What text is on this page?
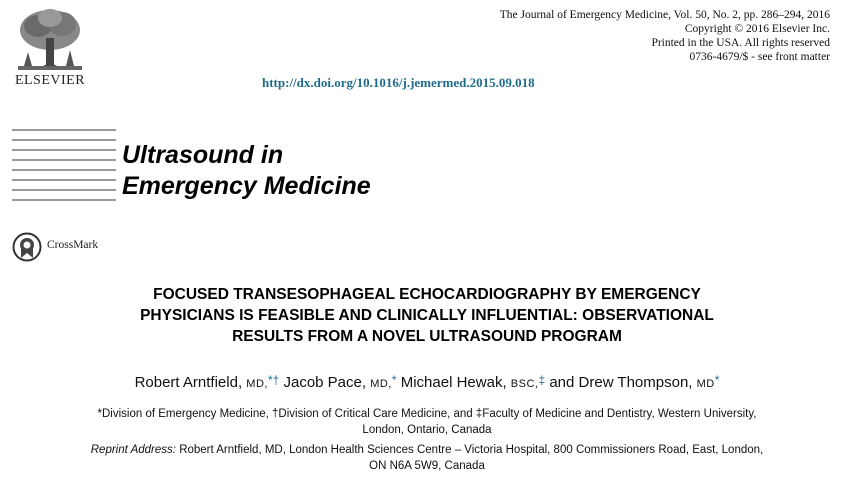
ELSEVIER
The Journal of Emergency Medicine, Vol. 50, No. 2, pp. 286–294, 2016
Copyright © 2016 Elsevier Inc.
Printed in the USA. All rights reserved
0736-4679/$ - see front matter
http://dx.doi.org/10.1016/j.jemermed.2015.09.018
Ultrasound in
Emergency Medicine
CrossMark
FOCUSED TRANSESOPHAGEAL ECHOCARDIOGRAPHY BY EMERGENCY
PHYSICIANS IS FEASIBLE AND CLINICALLY INFLUENTIAL: OBSERVATIONAL
RESULTS FROM A NOVEL ULTRASOUND PROGRAM
Robert Arntfield, MD,*† Jacob Pace, MD,* Michael Hewak, BSC,‡ and Drew Thompson, MD*
*Division of Emergency Medicine, †Division of Critical Care Medicine, and ‡Faculty of Medicine and Dentistry, Western University,
London, Ontario, Canada
Reprint Address: Robert Arntfield, MD, London Health Sciences Centre – Victoria Hospital, 800 Commissioners Road, East, London,
ON N6A 5W9, Canada
